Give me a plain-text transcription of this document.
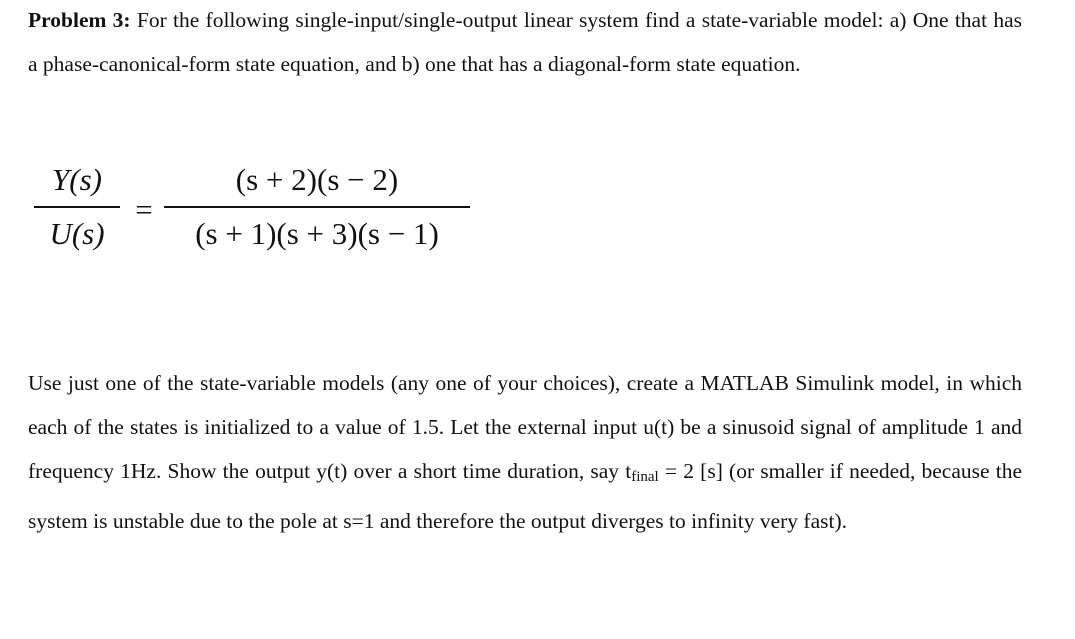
Problem 3: For the following single-input/single-output linear system find a state-variable model: a) One that has a phase-canonical-form state equation, and b) one that has a diagonal-form state equation.
Y(s)
U(s)
=
(s + 2)(s − 2)
(s + 1)(s + 3)(s − 1)
Use just one of the state-variable models (any one of your choices), create a MATLAB Simulink model, in which each of the states is initialized to a value of 1.5. Let the external input u(t) be a sinusoid signal of amplitude 1 and frequency 1Hz. Show the output y(t) over a short time duration, say $t_{final} = 2$ [s] (or smaller if needed, because the system is unstable due to the pole at s=1 and therefore the output diverges to infinity very fast).
